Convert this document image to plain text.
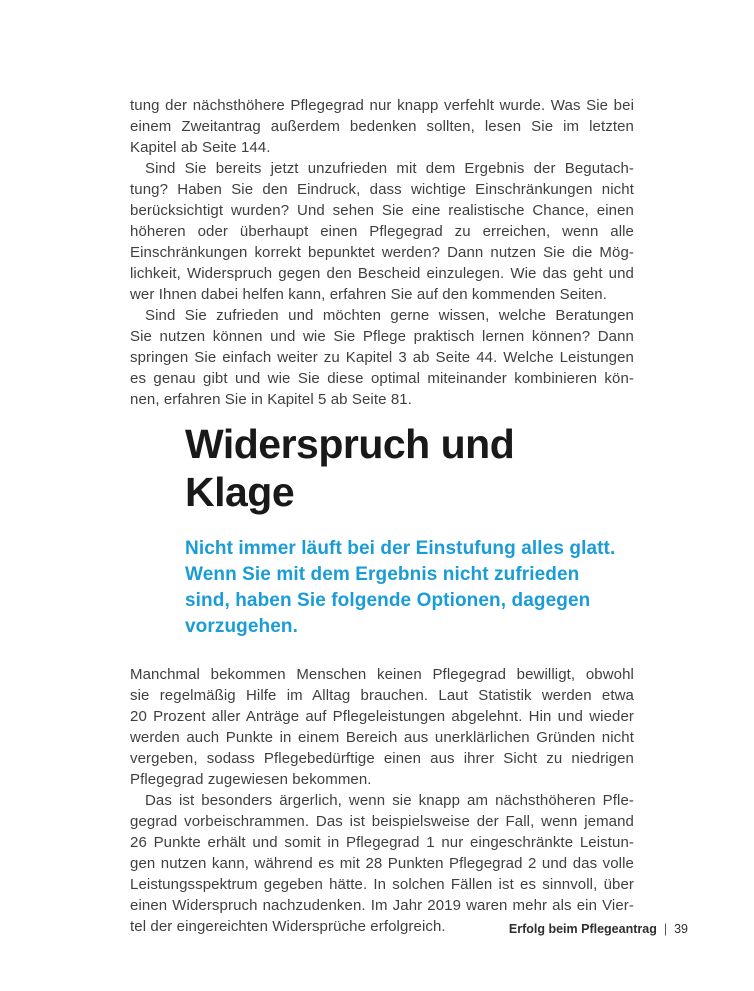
tung der nächsthöhere Pflegegrad nur knapp verfehlt wurde. Was Sie bei
einem Zweitantrag außerdem bedenken sollten, lesen Sie im letzten
Kapitel ab Seite 144.

Sind Sie bereits jetzt unzufrieden mit dem Ergebnis der Begutach-
tung? Haben Sie den Eindruck, dass wichtige Einschränkungen nicht
berücksichtigt wurden? Und sehen Sie eine realistische Chance, einen
höheren oder überhaupt einen Pflegegrad zu erreichen, wenn alle
Einschränkungen korrekt bepunktet werden? Dann nutzen Sie die Mög-
lichkeit, Widerspruch gegen den Bescheid einzulegen. Wie das geht und
wer Ihnen dabei helfen kann, erfahren Sie auf den kommenden Seiten.

Sind Sie zufrieden und möchten gerne wissen, welche Beratungen
Sie nutzen können und wie Sie Pflege praktisch lernen können? Dann
springen Sie einfach weiter zu Kapitel 3 ab Seite 44. Welche Leistungen
es genau gibt und wie Sie diese optimal miteinander kombinieren kön-
nen, erfahren Sie in Kapitel 5 ab Seite 81.

Widerspruch und Klage
Nicht immer läuft bei der Einstufung alles glatt.
Wenn Sie mit dem Ergebnis nicht zufrieden
sind, haben Sie folgende Optionen, dagegen
vorzugehen.

Manchmal bekommen Menschen keinen Pflegegrad bewilligt, obwohl
sie regelmäßig Hilfe im Alltag brauchen. Laut Statistik werden etwa
20 Prozent aller Anträge auf Pflegeleistungen abgelehnt. Hin und wieder
werden auch Punkte in einem Bereich aus unerklärlichen Gründen nicht
vergeben, sodass Pflegebedürftige einen aus ihrer Sicht zu niedrigen
Pflegegrad zugewiesen bekommen.

Das ist besonders ärgerlich, wenn sie knapp am nächsthöheren Pfle-
gegrad vorbeischrammen. Das ist beispielsweise der Fall, wenn jemand
26 Punkte erhält und somit in Pflegegrad 1 nur eingeschränkte Leistun-
gen nutzen kann, während es mit 28 Punkten Pflegegrad 2 und das volle
Leistungsspektrum gegeben hätte. In solchen Fällen ist es sinnvoll, über
einen Widerspruch nachzudenken. Im Jahr 2019 waren mehr als ein Vier-
tel der eingereichten Widersprüche erfolgreich.	Erfolg beim Pflegeantrag | 39
